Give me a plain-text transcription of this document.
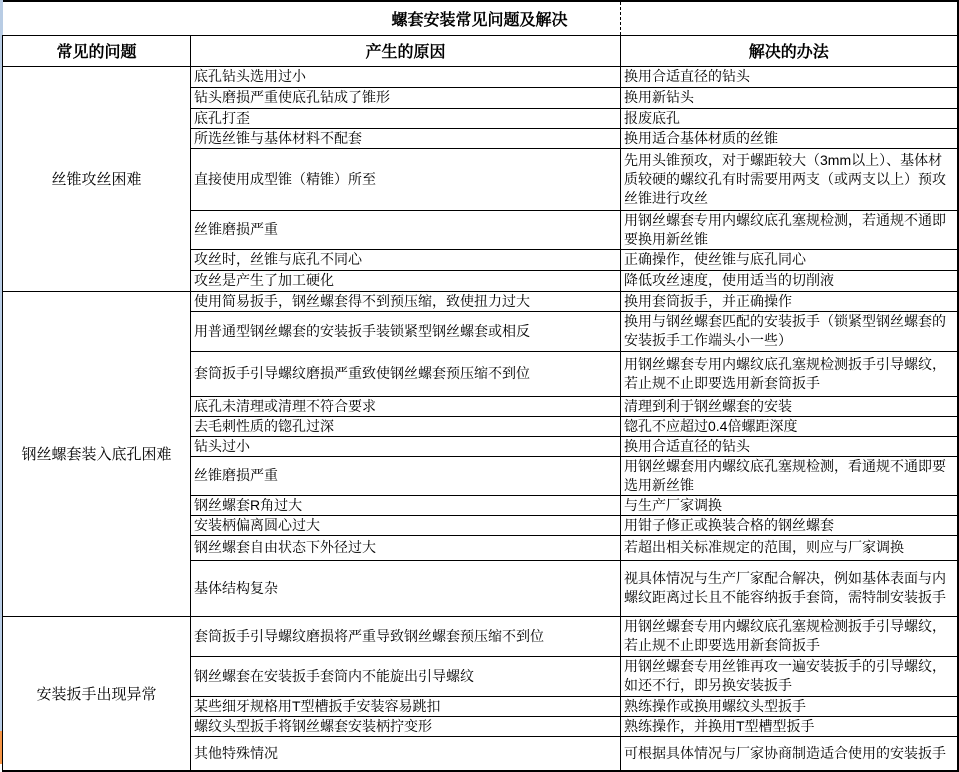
螺套安装常见问题及解决		

常见的问题	产生的原因	解决的办法
丝锥攻丝困难	底孔钻头选用过小	换用合适直径的钻头
	钻头磨损严重使底孔钻成了锥形	换用新钻头
	底孔打歪	报废底孔
	所选丝锥与基体材料不配套	换用适合基体材质的丝锥
	直接使用成型锥（精锥）所至	先用头锥预攻，对于螺距较大（3mm以上）、基体材质较硬的螺纹孔有时需要用两支（或两支以上）预攻丝锥进行攻丝
	丝锥磨损严重	用钢丝螺套专用内螺纹底孔塞规检测，若通规不通即要换用新丝锥
	攻丝时，丝锥与底孔不同心	正确操作，使丝锥与底孔同心
	攻丝是产生了加工硬化	降低攻丝速度，使用适当的切削液
钢丝螺套装入底孔困难	使用简易扳手，钢丝螺套得不到预压缩，致使扭力过大	换用套筒扳手，并正确操作
	用普通型钢丝螺套的安装扳手装锁紧型钢丝螺套或相反	换用与钢丝螺套匹配的安装扳手（锁紧型钢丝螺套的安装扳手工作端头小一些）
	套筒扳手引导螺纹磨损严重致使钢丝螺套预压缩不到位	用钢丝螺套专用内螺纹底孔塞规检测扳手引导螺纹，若止规不止即要选用新套筒扳手
	底孔未清理或清理不符合要求	清理到利于钢丝螺套的安装
	去毛刺性质的锪孔过深	锪孔不应超过0.4倍螺距深度
	钻头过小	换用合适直径的钻头
	丝锥磨损严重	用钢丝螺套用内螺纹底孔塞规检测，看通规不通即要选用新丝锥
	钢丝螺套R角过大	与生产厂家调换
	安装柄偏离圆心过大	用钳子修正或换装合格的钢丝螺套
	钢丝螺套自由状态下外径过大	若超出相关标准规定的范围，则应与厂家调换
	基体结构复杂	视具体情况与生产厂家配合解决，例如基体表面与内螺纹距离过长且不能容纳扳手套筒，需特制安装扳手
安装扳手出现异常	套筒扳手引导螺纹磨损将严重导致钢丝螺套预压缩不到位	用钢丝螺套专用内螺纹底孔塞规检测扳手引导螺纹，若止规不止即要选用新套筒扳手
	钢丝螺套在安装扳手套筒内不能旋出引导螺纹	用钢丝螺套专用丝锥再攻一遍安装扳手的引导螺纹，如还不行，即另换安装扳手
	某些细牙规格用T型槽扳手安装容易跳扣	熟练操作或换用螺纹头型扳手
	螺纹头型扳手将钢丝螺套安装柄拧变形	熟练操作，并换用T型槽型扳手
	其他特殊情况	可根据具体情况与厂家协商制造适合使用的安装扳手
